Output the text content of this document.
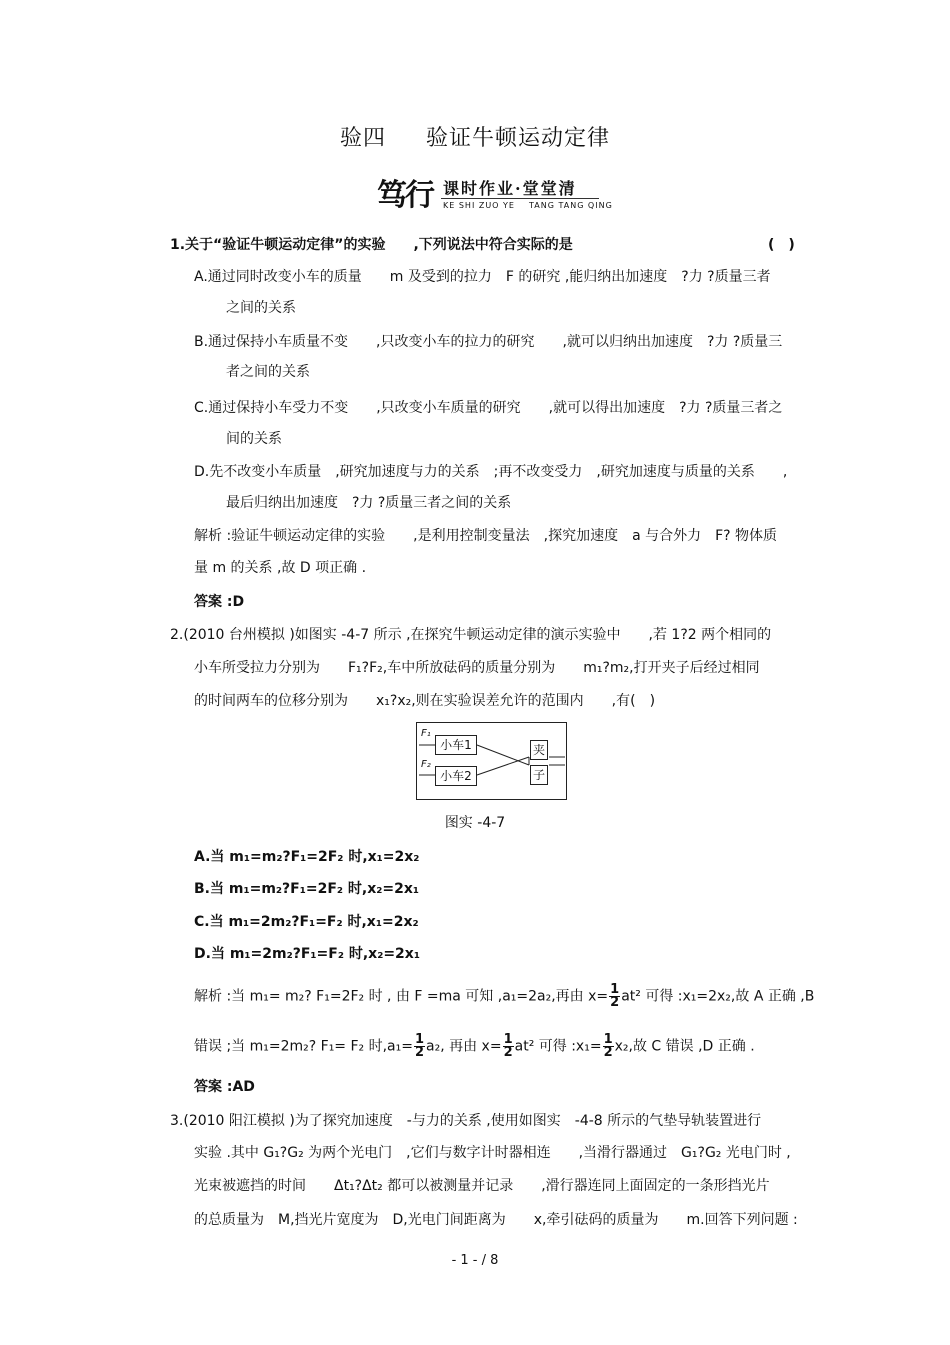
验四 验证牛顿运动定律
笃行 课时作业·堂堂清
KE SHI ZUO YE TANG TANG QING
1.关于“验证牛顿运动定律”的实验　　,下列说法中符合实际的是	(　)
A.通过同时改变小车的质量　　m 及受到的拉力　F 的研究 ,能归纳出加速度　?力 ?质量三者
之间的关系
B.通过保持小车质量不变　　,只改变小车的拉力的研究　　,就可以归纳出加速度　?力 ?质量三
者之间的关系
C.通过保持小车受力不变　　,只改变小车质量的研究　　,就可以得出加速度　?力 ?质量三者之
间的关系
D.先不改变小车质量　,研究加速度与力的关系　;再不改变受力　,研究加速度与质量的关系　　,
最后归纳出加速度　?力 ?质量三者之间的关系
解析 :验证牛顿运动定律的实验　　,是利用控制变量法　,探究加速度　a 与合外力　F? 物体质
量 m 的关系 ,故 D 项正确 .
答案 :D
2.(2010 台州模拟 )如图实 -4-7 所示 ,在探究牛顿运动定律的演示实验中　　,若 1?2 两个相同的
小车所受拉力分别为　　F₁?F₂,车中所放砝码的质量分别为　　m₁?m₂,打开夹子后经过相同
的时间两车的位移分别为　　x₁?x₂,则在实验误差允许的范围内　　,有(　)
F₁
F₂
小车1
小车2
夹
子
图实 -4-7
A.当 m₁=m₂?F₁=2F₂ 时,x₁=2x₂
B.当 m₁=m₂?F₁=2F₂ 时,x₂=2x₁
C.当 m₁=2m₂?F₁=F₂ 时,x₁=2x₂
D.当 m₁=2m₂?F₁=F₂ 时,x₂=2x₁
解析 :当 m₁= m₂? F₁=2F₂ 时 , 由 F =ma 可知 ,a₁=2a₂,再由 $x= \frac{1}{2} at^2$ 可得 :x₁=2x₂,故 A 正确 ,B
错误 ;当 m₁=2m₂? F₁= F₂ 时$,a_1= \frac{1}{2} a_2$, 再由 $x= \frac{1}{2} at^2$ 可得 :x₁= $\frac{1}{2} x_2$,故 C 错误 ,D 正确 .
答案 :AD
3.(2010 阳江模拟 )为了探究加速度　-与力的关系 ,使用如图实　-4-8 所示的气垫导轨装置进行
实验 .其中 G₁?G₂ 为两个光电门　,它们与数字计时器相连　　,当滑行器通过　G₁?G₂ 光电门时 ,
光束被遮挡的时间　　Δt₁?Δt₂ 都可以被测量并记录　　,滑行器连同上面固定的一条形挡光片
的总质量为　M,挡光片宽度为　D,光电门间距离为　　x,牵引砝码的质量为　　m.回答下列问题 :
- 1 - / 8
